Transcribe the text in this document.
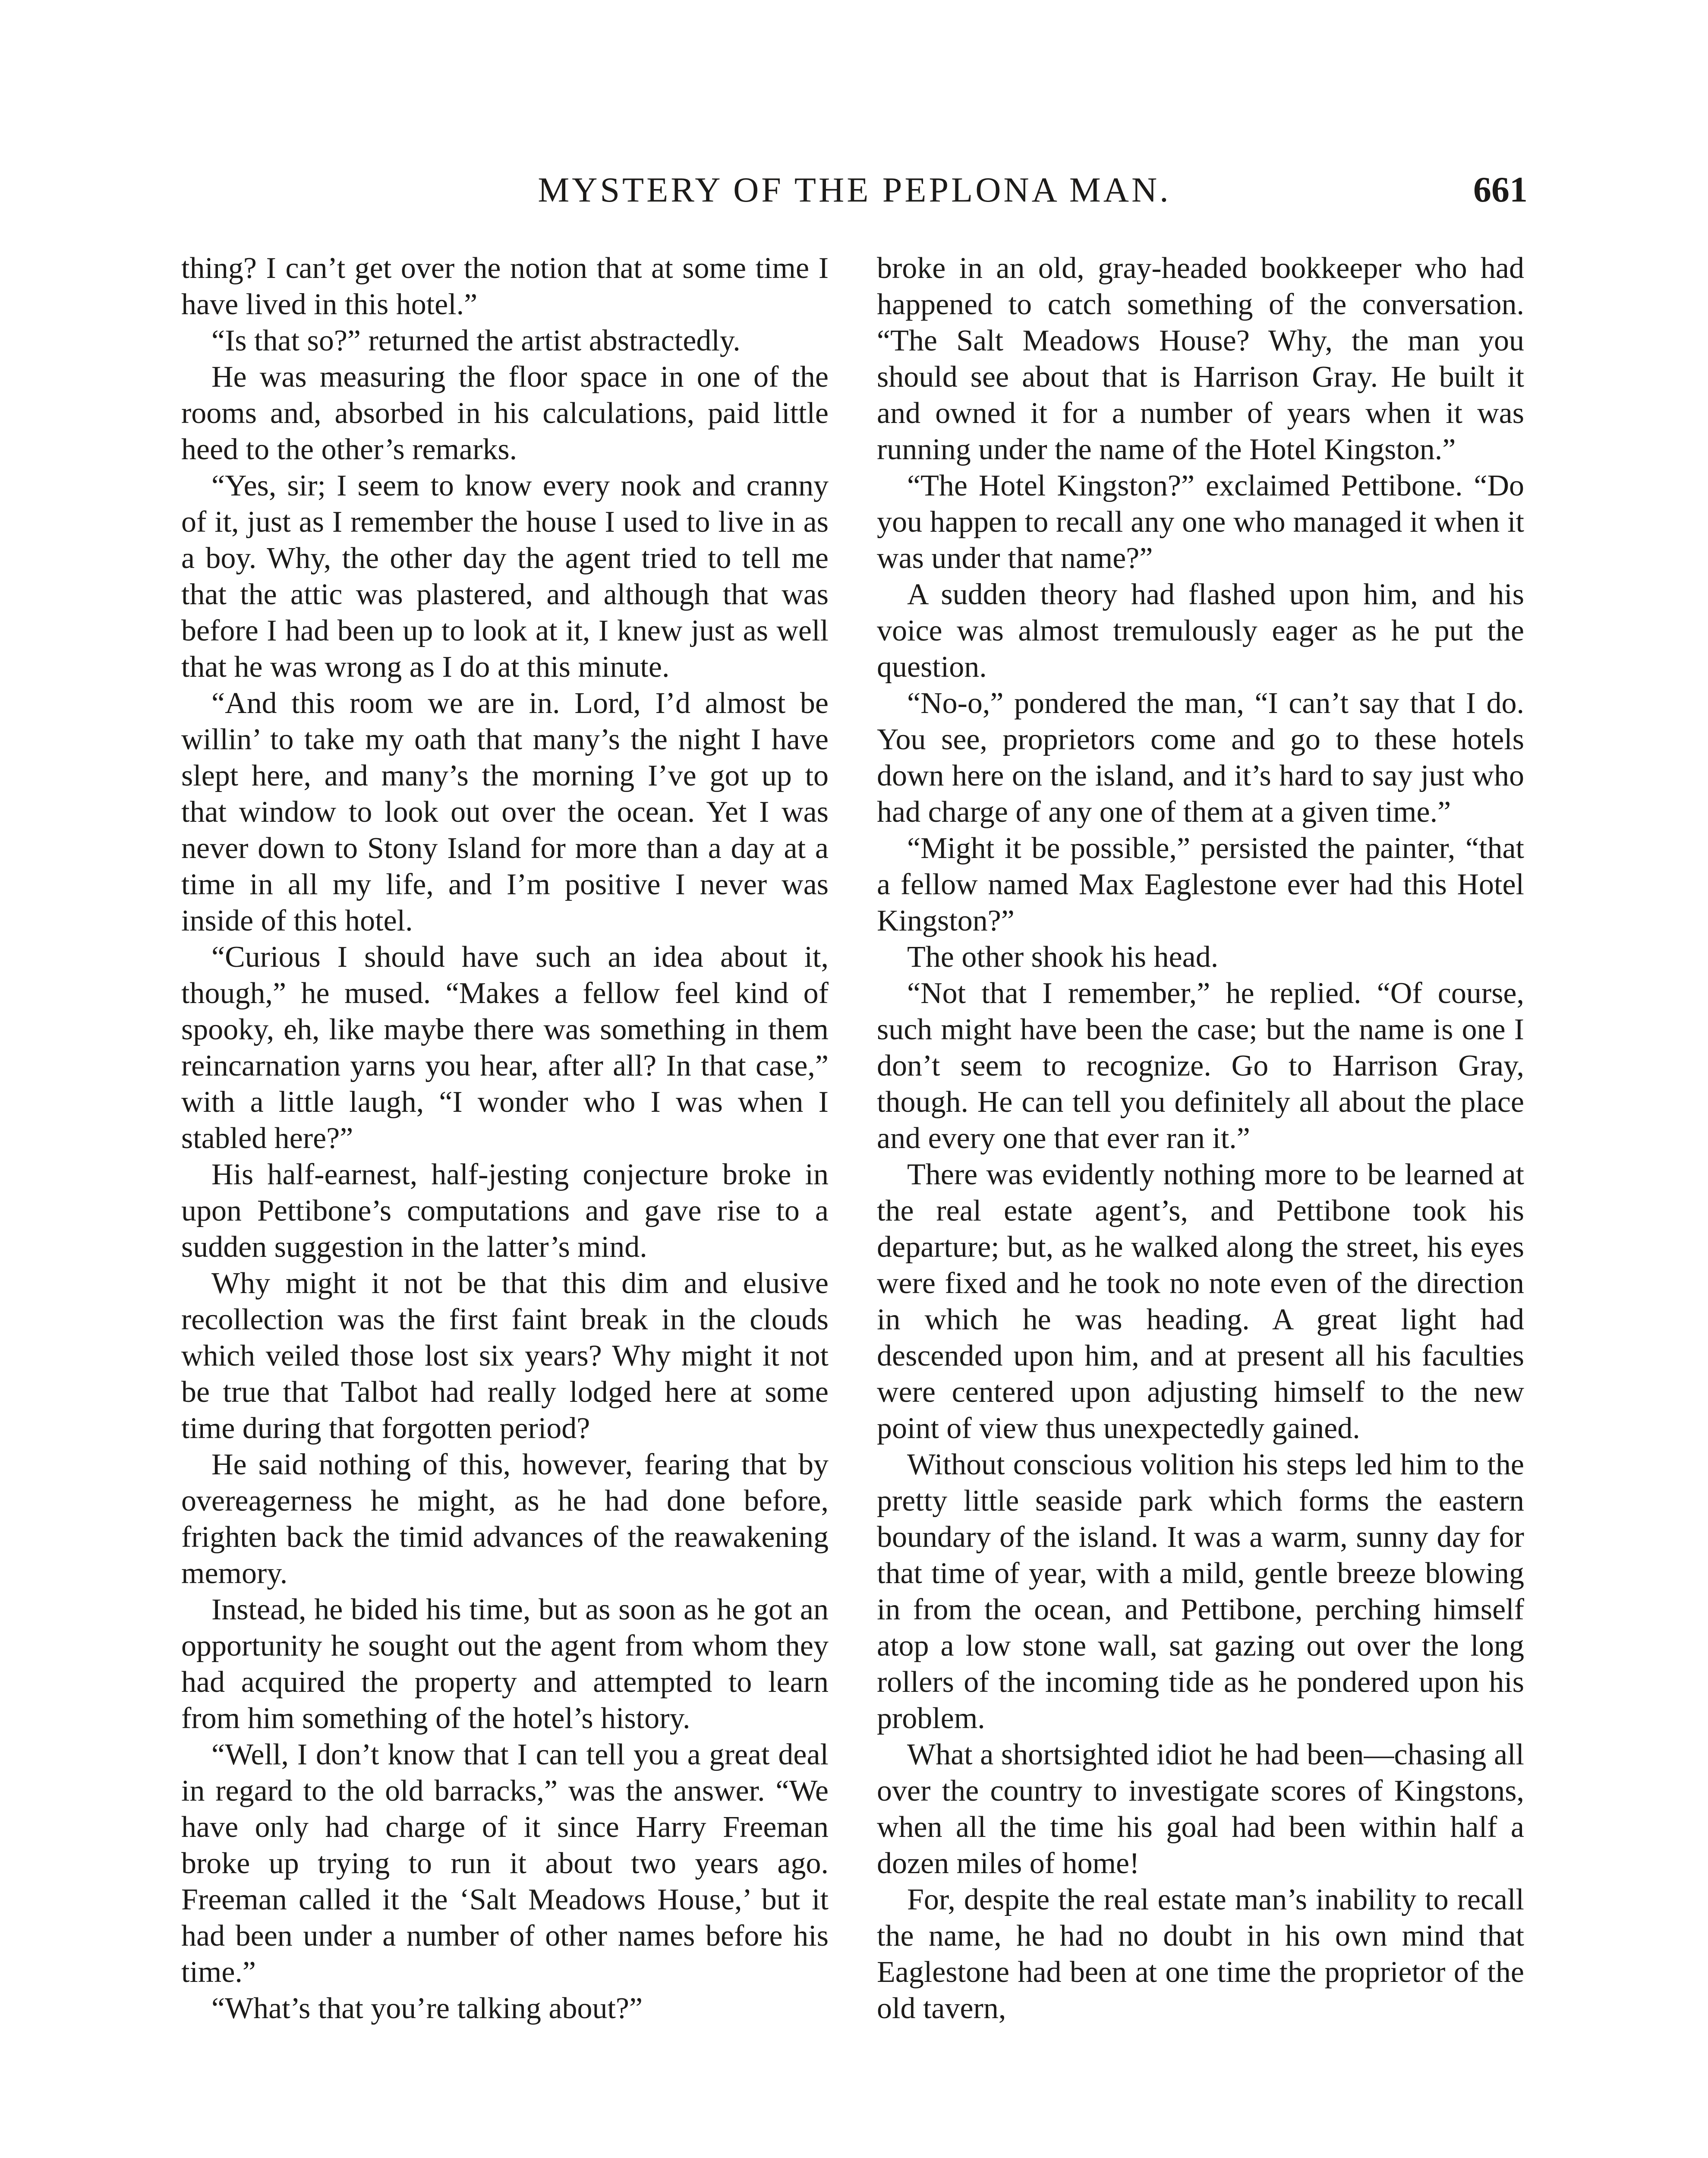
MYSTERY OF THE PEPLONA MAN.	661

thing? I can’t get over the notion that at some time I have lived in this hotel.”

“Is that so?” returned the artist abstractedly.

He was measuring the floor space in one of the rooms and, absorbed in his calculations, paid little heed to the other’s remarks.

“Yes, sir; I seem to know every nook and cranny of it, just as I remember the house I used to live in as a boy. Why, the other day the agent tried to tell me that the attic was plastered, and although that was before I had been up to look at it, I knew just as well that he was wrong as I do at this minute.

“And this room we are in. Lord, I’d almost be willin’ to take my oath that many’s the night I have slept here, and many’s the morning I’ve got up to that window to look out over the ocean. Yet I was never down to Stony Island for more than a day at a time in all my life, and I’m positive I never was inside of this hotel.

“Curious I should have such an idea about it, though,” he mused. “Makes a fellow feel kind of spooky, eh, like maybe there was something in them reincarnation yarns you hear, after all? In that case,” with a little laugh, “I wonder who I was when I stabled here?”

His half-earnest, half-jesting conjecture broke in upon Pettibone’s computations and gave rise to a sudden suggestion in the latter’s mind.

Why might it not be that this dim and elusive recollection was the first faint break in the clouds which veiled those lost six years? Why might it not be true that Talbot had really lodged here at some time during that forgotten period?

He said nothing of this, however, fearing that by overeagerness he might, as he had done before, frighten back the timid advances of the reawakening memory.

Instead, he bided his time, but as soon as he got an opportunity he sought out the agent from whom they had acquired the property and attempted to learn from him something of the hotel’s history.

“Well, I don’t know that I can tell you a great deal in regard to the old barracks,” was the answer. “We have only had charge of it since Harry Freeman broke up trying to run it about two years ago. Freeman called it the ‘Salt Meadows House,’ but it had been under a number of other names before his time.”

“What’s that you’re talking about?”

broke in an old, gray-headed bookkeeper who had happened to catch something of the conversation. “The Salt Meadows House? Why, the man you should see about that is Harrison Gray. He built it and owned it for a number of years when it was running under the name of the Hotel Kingston.”

“The Hotel Kingston?” exclaimed Pettibone. “Do you happen to recall any one who managed it when it was under that name?”

A sudden theory had flashed upon him, and his voice was almost tremulously eager as he put the question.

“No-o,” pondered the man, “I can’t say that I do. You see, proprietors come and go to these hotels down here on the island, and it’s hard to say just who had charge of any one of them at a given time.”

“Might it be possible,” persisted the painter, “that a fellow named Max Eaglestone ever had this Hotel Kingston?”

The other shook his head.

“Not that I remember,” he replied. “Of course, such might have been the case; but the name is one I don’t seem to recognize. Go to Harrison Gray, though. He can tell you definitely all about the place and every one that ever ran it.”

There was evidently nothing more to be learned at the real estate agent’s, and Pettibone took his departure; but, as he walked along the street, his eyes were fixed and he took no note even of the direction in which he was heading. A great light had descended upon him, and at present all his faculties were centered upon adjusting himself to the new point of view thus unexpectedly gained.

Without conscious volition his steps led him to the pretty little seaside park which forms the eastern boundary of the island. It was a warm, sunny day for that time of year, with a mild, gentle breeze blowing in from the ocean, and Pettibone, perching himself atop a low stone wall, sat gazing out over the long rollers of the incoming tide as he pondered upon his problem.

What a shortsighted idiot he had been—chasing all over the country to investigate scores of Kingstons, when all the time his goal had been within half a dozen miles of home!

For, despite the real estate man’s inability to recall the name, he had no doubt in his own mind that Eaglestone had been at one time the proprietor of the old tavern,
